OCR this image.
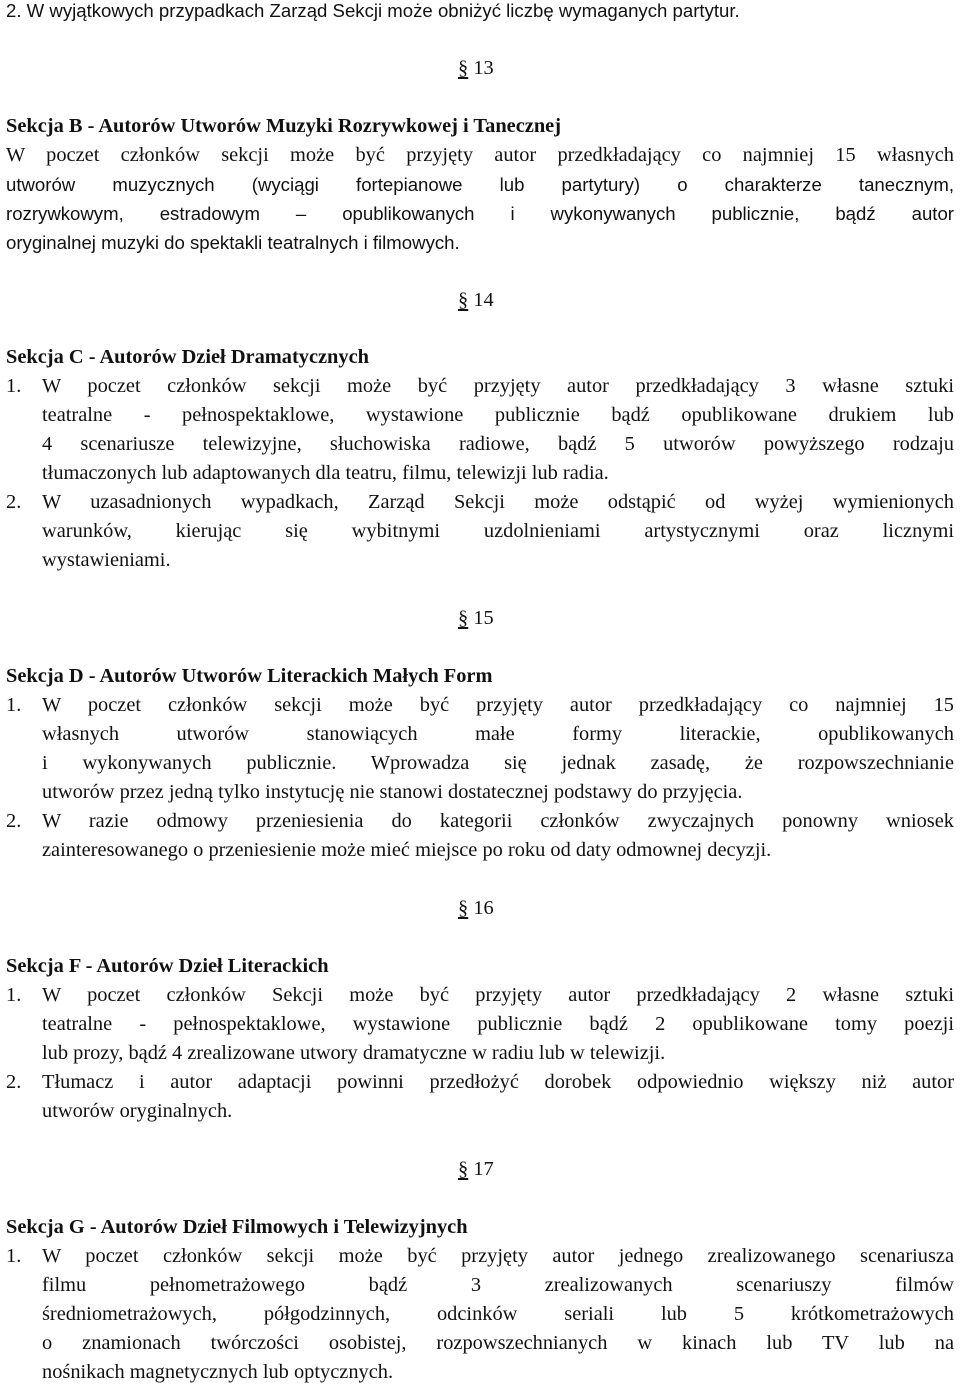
2. W wyjątkowych przypadkach Zarząd Sekcji może obniżyć liczbę wymaganych partytur.
§ 13
Sekcja B - Autorów Utworów Muzyki Rozrywkowej i Tanecznej
W poczet członków sekcji może być przyjęty autor przedkładający co najmniej 15 własnych
utworów muzycznych (wyciągi fortepianowe lub partytury) o charakterze tanecznym,
rozrywkowym, estradowym – opublikowanych i wykonywanych publicznie, bądź autor
oryginalnej muzyki do spektakli teatralnych i filmowych.
§ 14
Sekcja C - Autorów Dzieł Dramatycznych
1. W poczet członków sekcji może być przyjęty autor przedkładający 3 własne sztuki
teatralne - pełnospektaklowe, wystawione publicznie bądź opublikowane drukiem lub
4 scenariusze telewizyjne, słuchowiska radiowe, bądź 5 utworów powyższego rodzaju
tłumaczonych lub adaptowanych dla teatru, filmu, telewizji lub radia.
2. W uzasadnionych wypadkach, Zarząd Sekcji może odstąpić od wyżej wymienionych
warunków, kierując się wybitnymi uzdolnieniami artystycznymi oraz licznymi
wystawieniami.
§ 15
Sekcja D - Autorów Utworów Literackich Małych Form
1. W poczet członków sekcji może być przyjęty autor przedkładający co najmniej 15
własnych utworów stanowiących małe formy literackie, opublikowanych
i wykonywanych publicznie. Wprowadza się jednak zasadę, że rozpowszechnianie
utworów przez jedną tylko instytucję nie stanowi dostatecznej podstawy do przyjęcia.
2. W razie odmowy przeniesienia do kategorii członków zwyczajnych ponowny wniosek
zainteresowanego o przeniesienie może mieć miejsce po roku od daty odmownej decyzji.
§ 16
Sekcja F - Autorów Dzieł Literackich
1. W poczet członków Sekcji może być przyjęty autor przedkładający 2 własne sztuki
teatralne - pełnospektaklowe, wystawione publicznie bądź 2 opublikowane tomy poezji
lub prozy, bądź 4 zrealizowane utwory dramatyczne w radiu lub w telewizji.
2. Tłumacz i autor adaptacji powinni przedłożyć dorobek odpowiednio większy niż autor
utworów oryginalnych.
§ 17
Sekcja G - Autorów Dzieł Filmowych i Telewizyjnych
1. W poczet członków sekcji może być przyjęty autor jednego zrealizowanego scenariusza
filmu pełnometrażowego bądź 3 zrealizowanych scenariuszy filmów
średniometrażowych, półgodzinnych, odcinków seriali lub 5 krótkometrażowych
o znamionach twórczości osobistej, rozpowszechnianych w kinach lub TV lub na
nośnikach magnetycznych lub optycznych.
